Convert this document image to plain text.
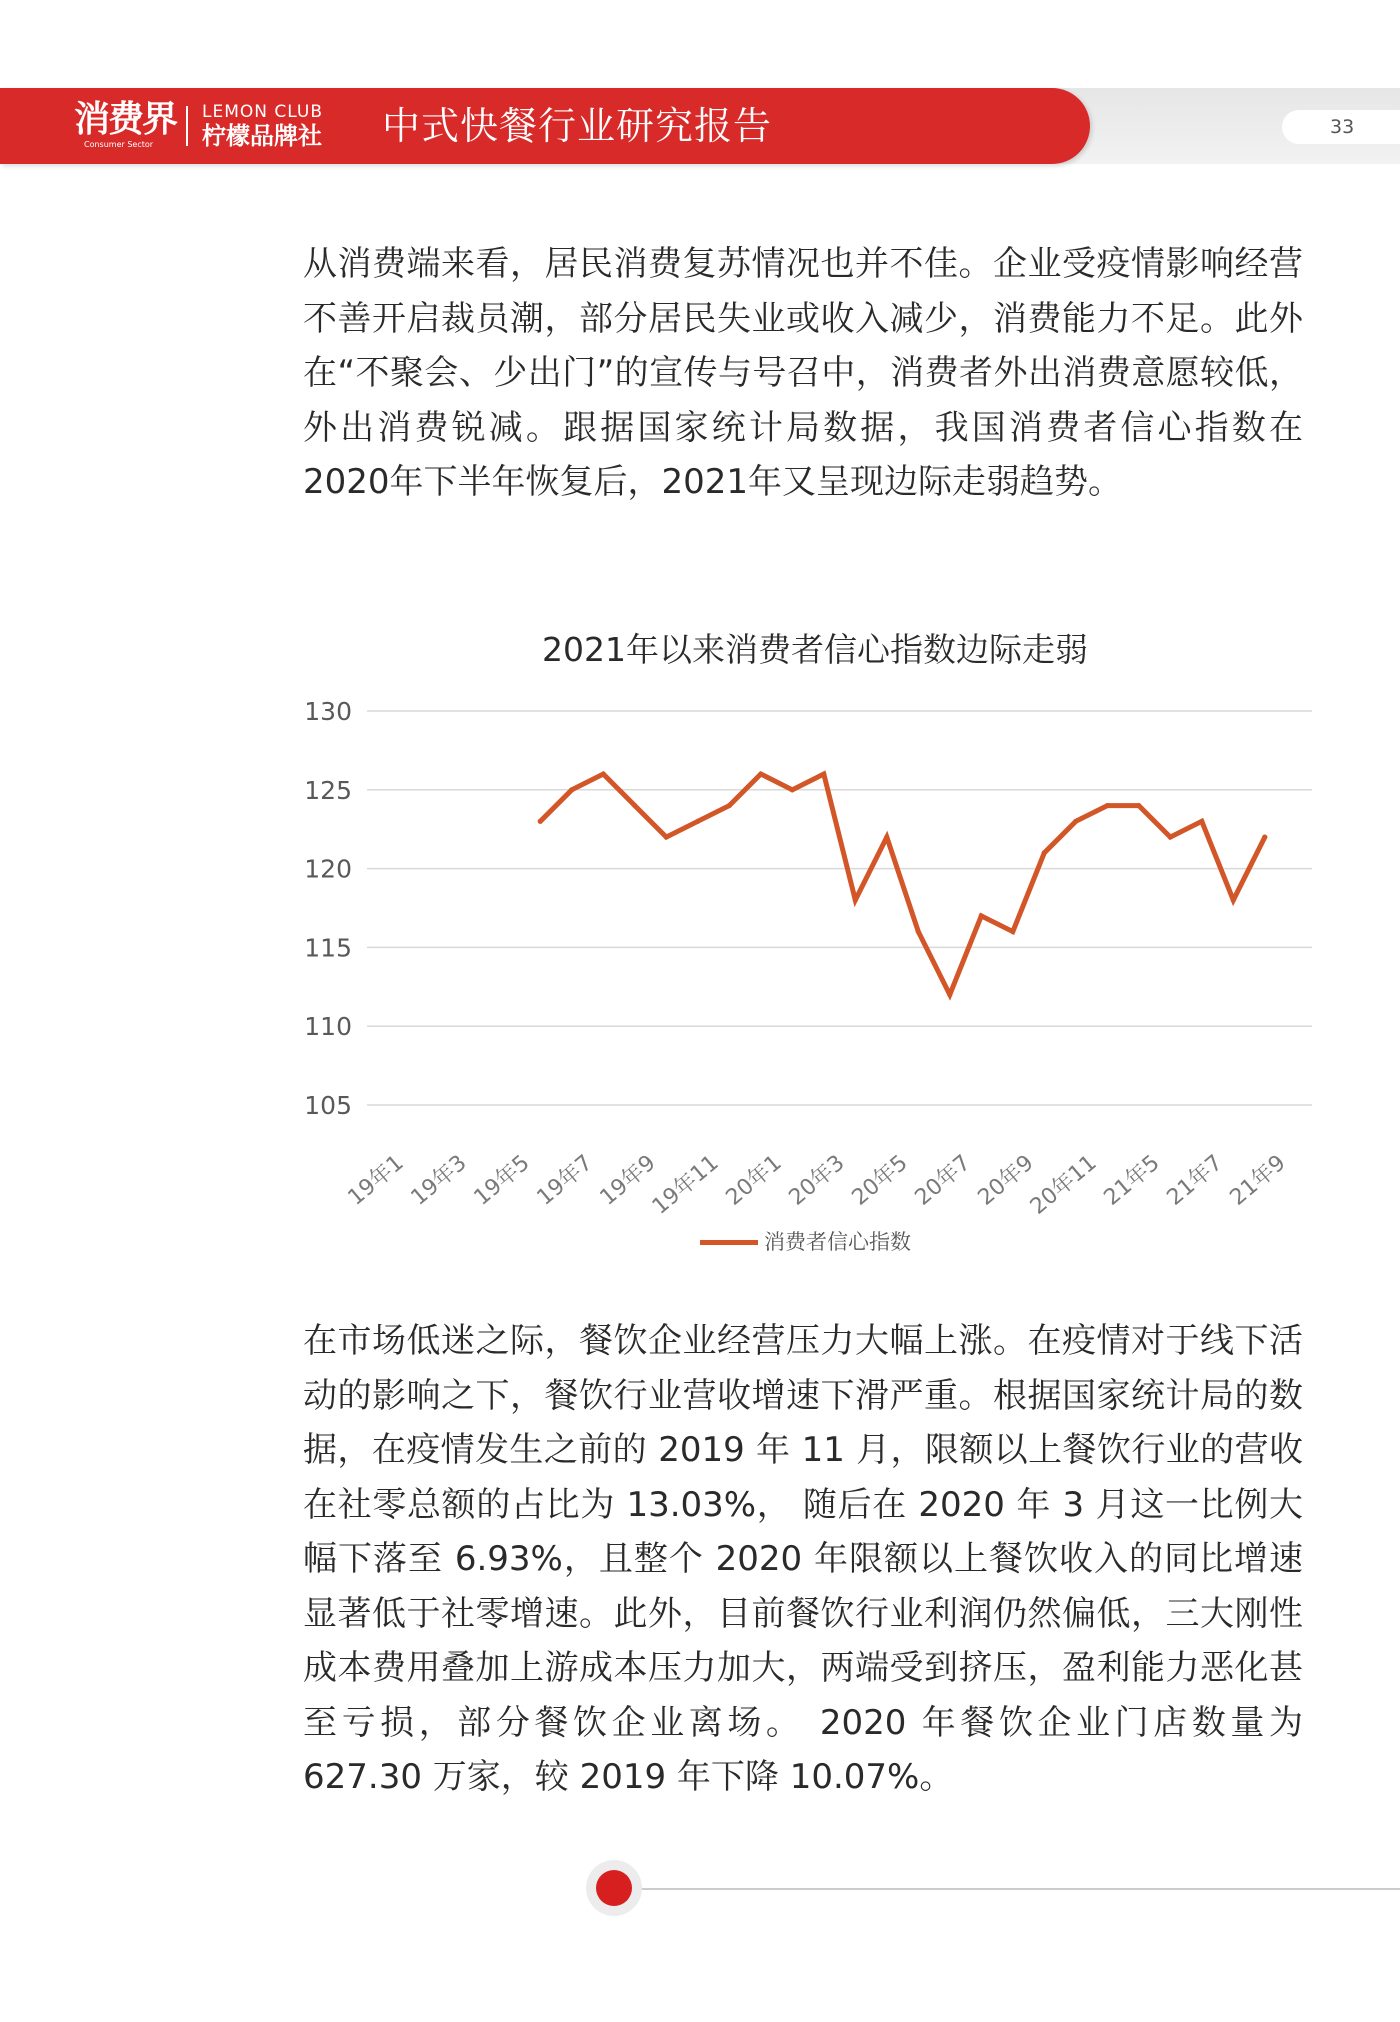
33
消费界
Consumer Sector
LEMON CLUB
柠檬品牌社 中式快餐行业研究报告
从消费端来看，居民消费复苏情况也并不佳。企业受疫情影响经营不善开启裁员潮，部分居民失业或收入减少，消费能力不足。此外在“不聚会、少出门”的宣传与号召中，消费者外出消费意愿较低，外出消费锐减。跟据国家统计局数据，我国消费者信心指数在2020年下半年恢复后，2021年又呈现边际走弱趋势。
2021年以来消费者信心指数边际走弱
130
125
120
115
110
105
19年1
19年3
19年5
19年7
19年9
19年11
20年1
20年3
20年5
20年7
20年9
20年11
21年5
21年7
21年9
消费者信心指数
在市场低迷之际，餐饮企业经营压力大幅上涨。在疫情对于线下活动的影响之下，餐饮行业营收增速下滑严重。根据国家统计局的数据，在疫情发生之前的 2019 年 11 月，限额以上餐饮行业的营收在社零总额的占比为 13.03%， 随后在 2020 年 3 月这一比例大幅下落至 6.93%，且整个 2020 年限额以上餐饮收入的同比增速显著低于社零增速。此外，目前餐饮行业利润仍然偏低，三大刚性成本费用叠加上游成本压力加大，两端受到挤压，盈利能力恶化甚至亏损，部分餐饮企业离场。 2020 年餐饮企业门店数量为 627.30 万家，较 2019 年下降 10.07%。
